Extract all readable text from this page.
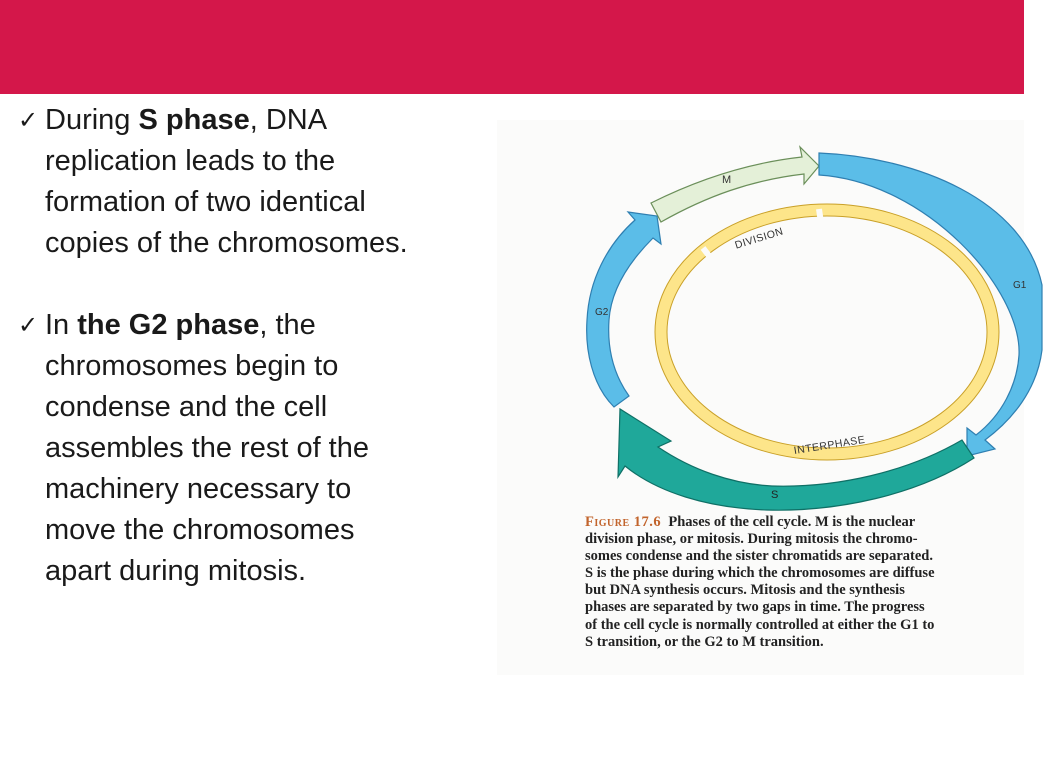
✓ During S phase, DNA
replication leads to the
formation of two identical
copies of the chromosomes.
✓ In the G2 phase, the
chromosomes begin to
condense and the cell
assembles the rest of the
machinery necessary to
move the chromosomes
apart during mitosis.
M
G1
S
G2
DIVISION
INTERPHASE
Figure 17.6 Phases of the cell cycle. M is the nuclear
division phase, or mitosis. During mitosis the chromo-
somes condense and the sister chromatids are separated.
S is the phase during which the chromosomes are diffuse
but DNA synthesis occurs. Mitosis and the synthesis
phases are separated by two gaps in time. The progress
of the cell cycle is normally controlled at either the G1 to
S transition, or the G2 to M transition.
